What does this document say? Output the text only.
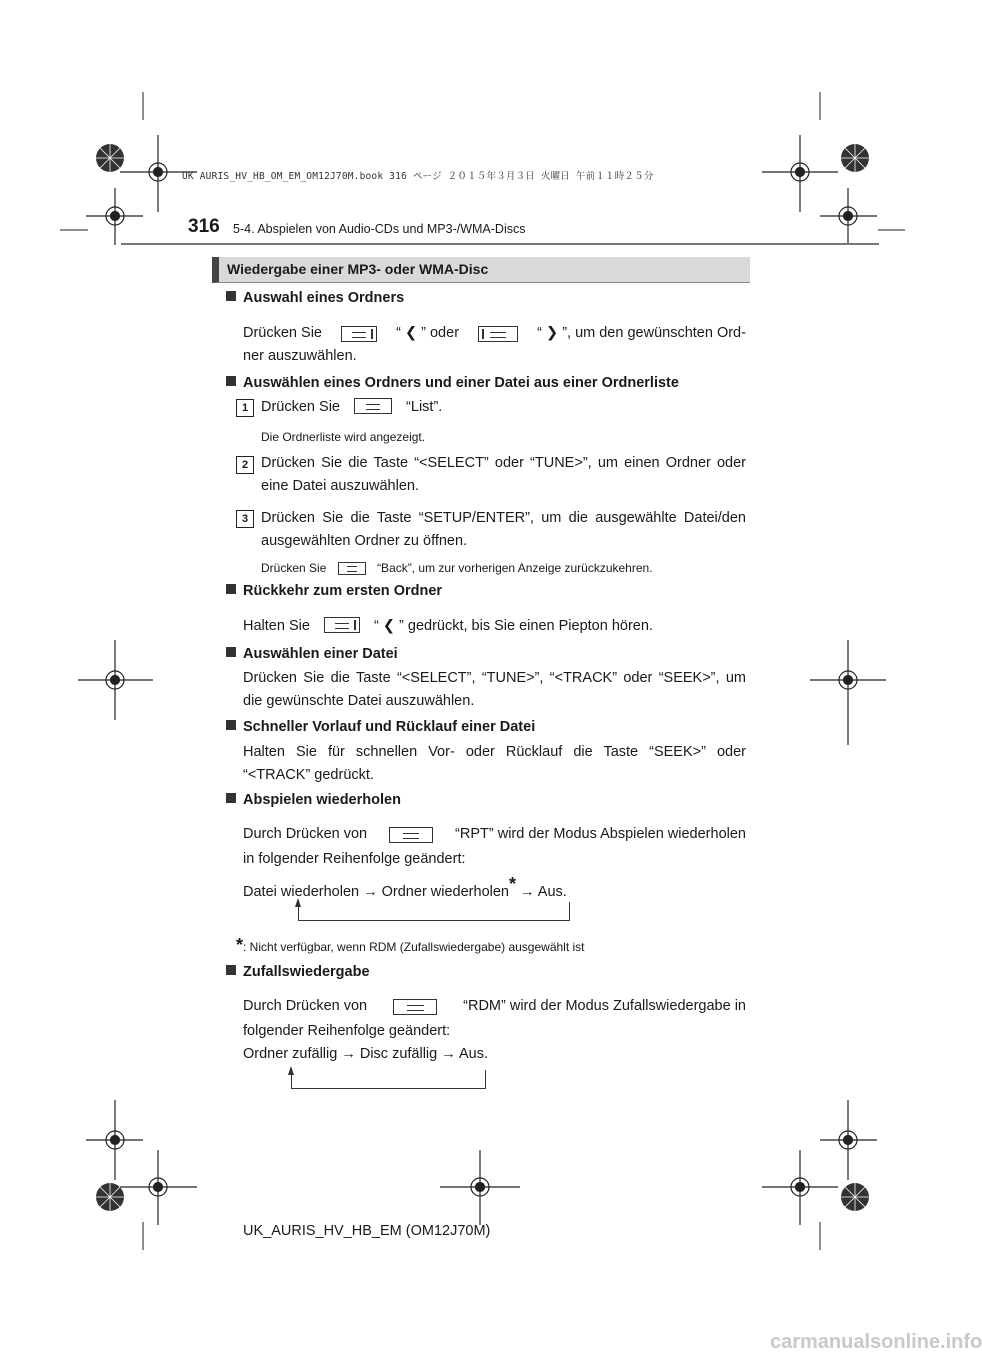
UK AURIS_HV_HB_OM_EM_OM12J70M.book 316 ページ ２０１５年３月３日 火曜日 午前１１時２５分
316 5-4. Abspielen von Audio-CDs und MP3-/WMA-Discs
Wiedergabe einer MP3- oder WMA-Disc
Auswahl eines Ordners
Drücken Sie	“ ❮ ” oder	“ ❯ ”, um den gewünschten Ord-
ner auszuwählen.
Auswählen eines Ordners und einer Datei aus einer Ordnerliste
1 Drücken Sie	“List”.
Die Ordnerliste wird angezeigt.
2 Drücken Sie die Taste “<SELECT” oder “TUNE>”, um einen Ordner oder eine Datei auszuwählen.
3 Drücken Sie die Taste “SETUP/ENTER”, um die ausgewählte Datei/den ausgewählten Ordner zu öffnen.
Drücken Sie	“Back”, um zur vorherigen Anzeige zurückzukehren.
Rückkehr zum ersten Ordner
Halten Sie	“ ❮ ” gedrückt, bis Sie einen Piepton hören.
Auswählen einer Datei
Drücken Sie die Taste “<SELECT”, “TUNE>”, “<TRACK” oder “SEEK>”, um die gewünschte Datei auszuwählen.
Schneller Vorlauf und Rücklauf einer Datei
Halten Sie für schnellen Vor- oder Rücklauf die Taste “SEEK>” oder “<TRACK” gedrückt.
Abspielen wiederholen
Durch Drücken von	“RPT” wird der Modus Abspielen wiederholen
in folgender Reihenfolge geändert:
Datei wiederholen → Ordner wiederholen* → Aus.
*: Nicht verfügbar, wenn RDM (Zufallswiedergabe) ausgewählt ist
Zufallswiedergabe
Durch Drücken von	“RDM” wird der Modus Zufallswiedergabe in
folgender Reihenfolge geändert:
Ordner zufällig → Disc zufällig → Aus.
UK_AURIS_HV_HB_EM (OM12J70M)
carmanualsonline.info
